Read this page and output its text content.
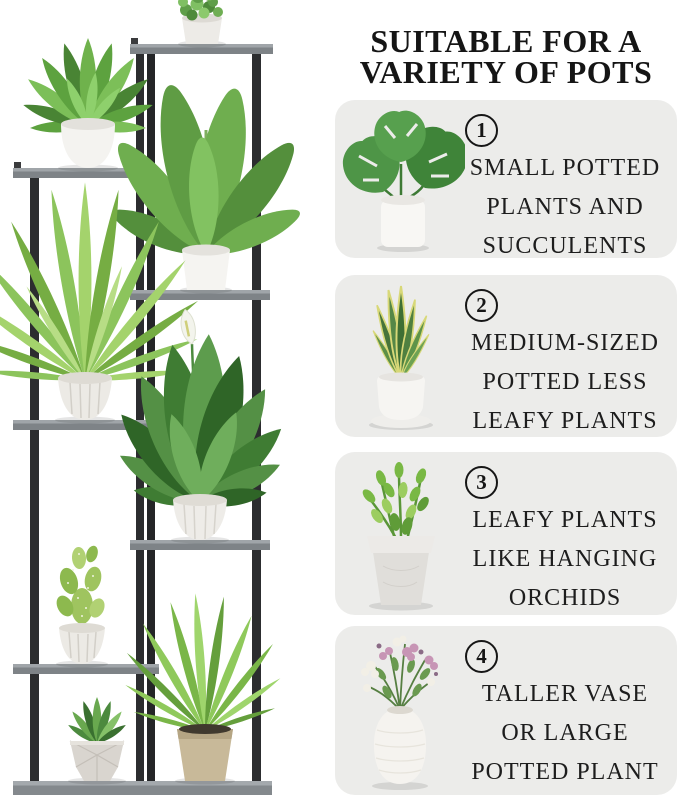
SUITABLE FOR A
VARIETY OF POTS
1
SMALL POTTED
PLANTS AND
SUCCULENTS
2
MEDIUM-SIZED
POTTED LESS
LEAFY PLANTS
3
LEAFY PLANTS
LIKE HANGING
ORCHIDS
4
TALLER VASE
OR LARGE
POTTED PLANT
